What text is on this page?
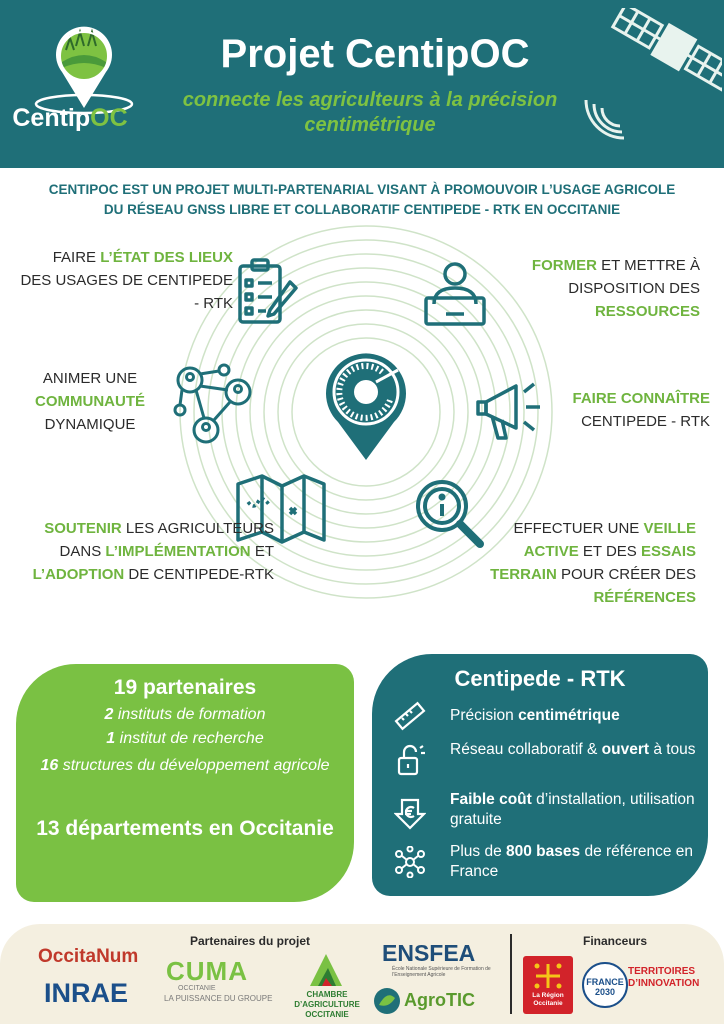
CentipOC
Projet CentipOC
connecte les agriculteurs à la précision centimétrique
CENTIPOC EST UN PROJET MULTI-PARTENARIAL VISANT À PROMOUVOIR L’USAGE AGRICOLE DU RÉSEAU GNSS LIBRE ET COLLABORATIF CENTIPEDE - RTK EN OCCITANIE
FAIRE L’ÉTAT DES LIEUX DES USAGES DE CENTIPEDE - RTK
FORMER ET METTRE À DISPOSITION DES RESSOURCES
ANIMER UNE COMMUNAUTÉ DYNAMIQUE
FAIRE CONNAÎTRE CENTIPEDE - RTK
SOUTENIR LES AGRICULTEURS DANS L’IMPLÉMENTATION ET L’ADOPTION DE CENTIPEDE-RTK
EFFECTUER UNE VEILLE ACTIVE ET DES ESSAIS TERRAIN POUR CRÉER DES RÉFÉRENCES
19 partenaires
2 instituts de formation
1 institut de recherche
16 structures du développement agricole
13 départements en Occitanie
Centipede - RTK
Précision centimétrique
Réseau collaboratif & ouvert à tous
Faible coût d’installation, utilisation gratuite
Plus de 800 bases de référence en France
Partenaires du projet	Financeurs
OccitaNum
INRAE
CUMA
OCCITANIE
LA PUISSANCE DU GROUPE	CHAMBRE D’AGRICULTURE OCCITANIE
ENSFEA
École Nationale Supérieure de Formation de l’Enseignement Agricole
AgroTIC	La Région Occitanie
FRANCE 2030
TERRITOIRES D’INNOVATION
